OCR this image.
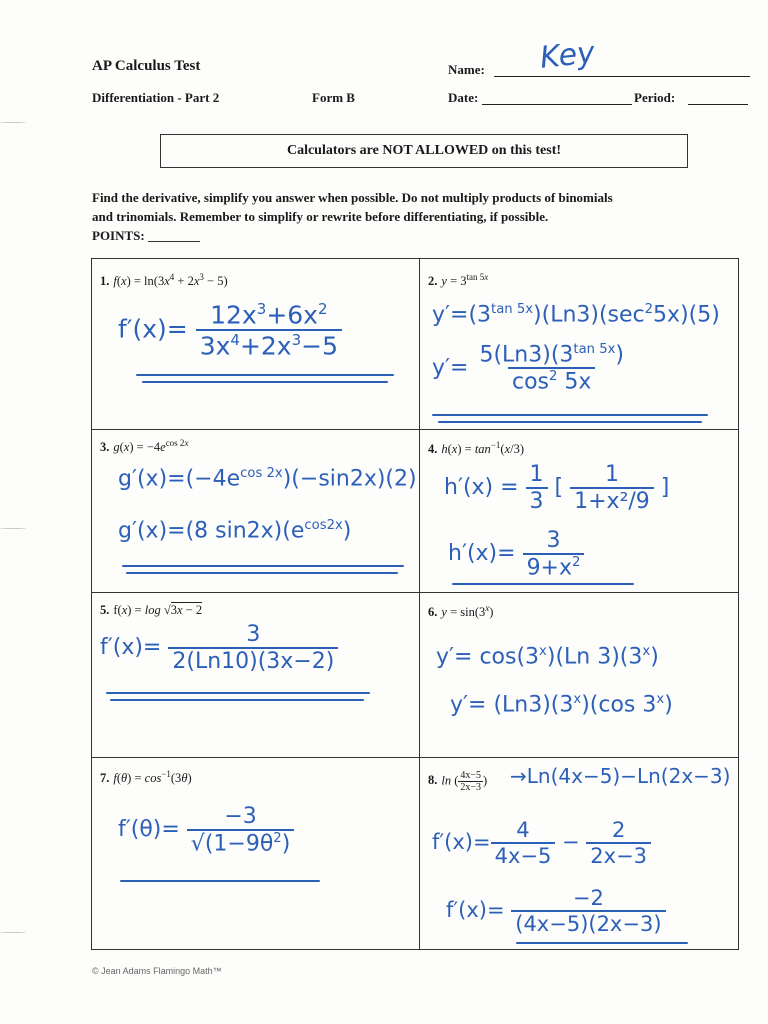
AP Calculus Test
Differentiation - Part 2	Form B
Name: Key
Date:	Period:
Calculators are NOT ALLOWED on this test!
Find the derivative, simplify you answer when possible. Do not multiply products of binomials
and trinomials. Remember to simplify or rewrite before differentiating, if possible.
POINTS: ________
1. $f(x) = \ln(3x^4 + 2x^3 - 5)$
$f'(x)= \frac{12x^3+6x^2}{3x^4+2x^3-5}$
2. $y = 3^{tan 5x}$
$y'=(3^{tan 5x})(Ln3)(\sec^25x)(5)$
$y'= \frac{5(Ln3)(3^{tan 5x})}{\cos^2 5x}$
3. $g(x) = -4e^{cos 2x}$
$g'(x)=(-4e^{cos 2x})(-\sin 2x)(2)$
g′(x)=(8 $\sin 2x)(e^{cos2x})$
4. $h(x) = \tan^{-1}(x/3)$
$h'(x) = \frac{1}{3}$ [ $\frac{1}{\text{1+x²/9}}$ ]
$h'(x)= \frac{3}{9+x^2}$
5. f(x) = log √3x − 2
$f'(x)= \frac{3}{2(Ln10)(3x-2)}$
6. $y = \sin(3^x)$
$y'= \cos(3^x)(Ln$ 3)(3$^x$)
$y'= (Ln3)(3^x)(\cos$ 3$^x$)
7. $f(\theta) = \cos^{-1}(3\theta)$
$f'(\theta)= \frac{-3}{√(1-9\theta^2)}$
8. ln ( $\frac{4x-5}{2x-3}$ ) →Ln(4x−5)−Ln(2x−3)
$f'(x)= \frac{4}{4x-5} - \frac{2}{2x-3}$
$f'(x)= \frac{-2}{(4x-5)(2x-3)}$
© Jean Adams Flamingo Math™
